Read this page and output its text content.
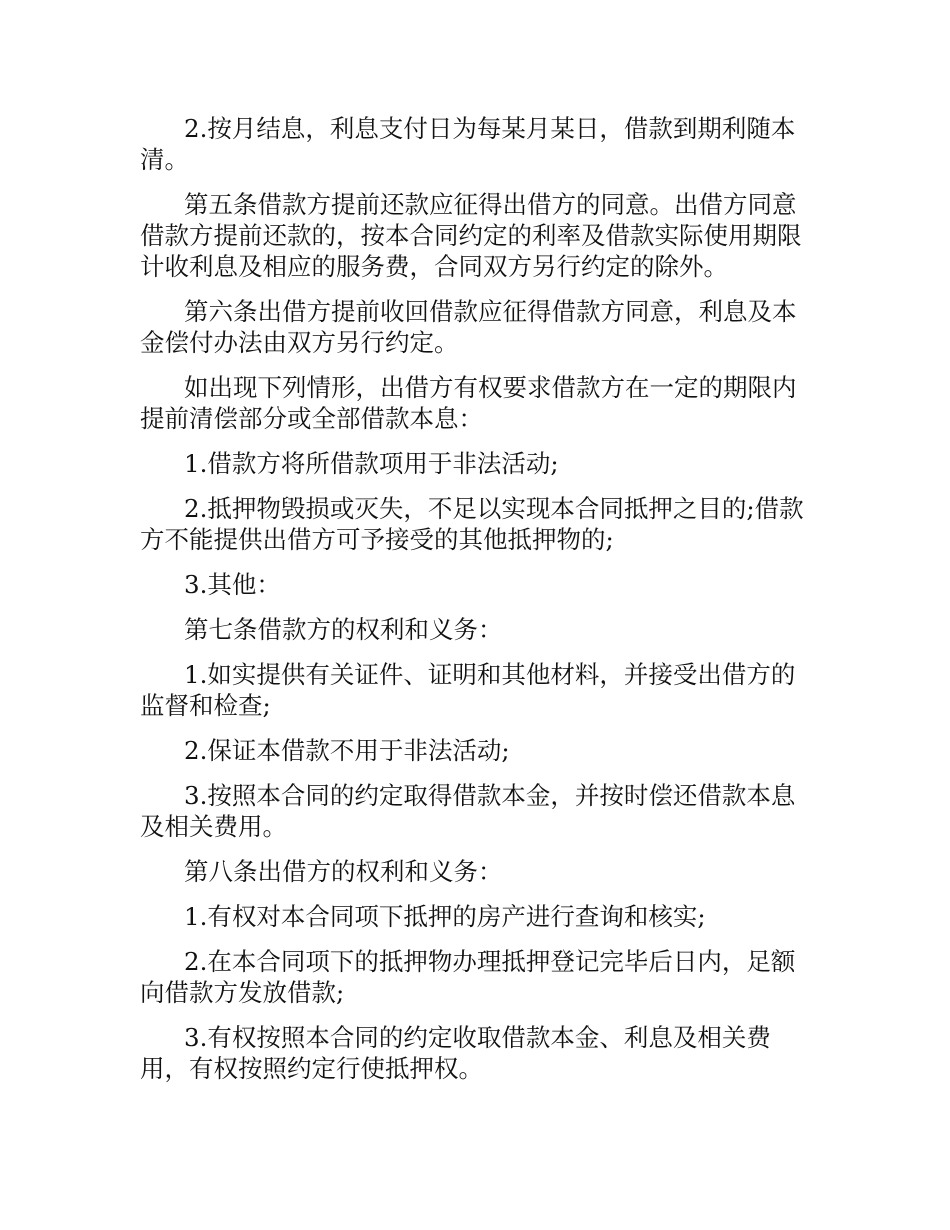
2.按月结息，利息支付日为每某月某日，借款到期利随本清。

第五条借款方提前还款应征得出借方的同意。出借方同意借款方提前还款的，按本合同约定的利率及借款实际使用期限计收利息及相应的服务费，合同双方另行约定的除外。

第六条出借方提前收回借款应征得借款方同意，利息及本金偿付办法由双方另行约定。

如出现下列情形，出借方有权要求借款方在一定的期限内提前清偿部分或全部借款本息：

1.借款方将所借款项用于非法活动;

2.抵押物毁损或灭失，不足以实现本合同抵押之目的;借款方不能提供出借方可予接受的其他抵押物的;

3.其他：

第七条借款方的权利和义务：

1.如实提供有关证件、证明和其他材料，并接受出借方的监督和检查;

2.保证本借款不用于非法活动;

3.按照本合同的约定取得借款本金，并按时偿还借款本息及相关费用。

第八条出借方的权利和义务：

1.有权对本合同项下抵押的房产进行查询和核实;

2.在本合同项下的抵押物办理抵押登记完毕后日内，足额向借款方发放借款;

3.有权按照本合同的约定收取借款本金、利息及相关费用，有权按照约定行使抵押权。
